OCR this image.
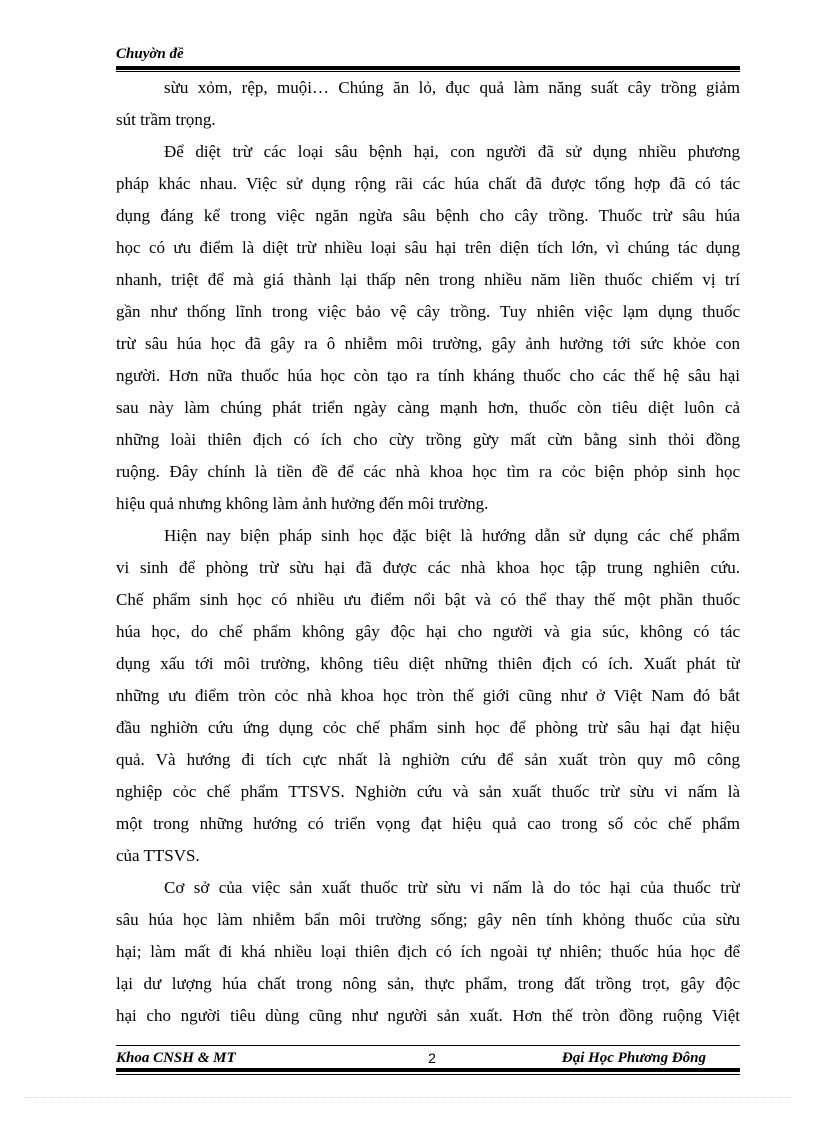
Chuyờn đề
sừu xỏm, rệp, muội… Chúng ăn lỏ, đục quả làm năng suất cây trồng giảm
sút trầm trọng.
Để diệt trừ các loại sâu bệnh hại, con người đã sử dụng nhiều phương
pháp khác nhau. Việc sử dụng rộng rãi các húa chất đã được tổng hợp đã có tác
dụng đáng kể trong việc ngăn ngừa sâu bệnh cho cây trồng. Thuốc trừ sâu húa
học có ưu điểm là diệt trừ nhiều loại sâu hại trên diện tích lớn, vì chúng tác dụng
nhanh, triệt để mà giá thành lại thấp nên trong nhiều năm liền thuốc chiếm vị trí
gần như thống lĩnh trong việc bảo vệ cây trồng. Tuy nhiên việc lạm dụng thuốc
trừ sâu húa học đã gây ra ô nhiễm môi trường, gây ảnh hưởng tới sức khỏe con
người. Hơn nữa thuốc húa học còn tạo ra tính kháng thuốc cho các thế hệ sâu hại
sau này làm chúng phát triển ngày càng mạnh hơn, thuốc còn tiêu diệt luôn cả
những loài thiên địch có ích cho cừy trồng gừy mất cừn bằng sinh thỏi đồng
ruộng. Đây chính là tiền đề để các nhà khoa học tìm ra cỏc biện phỏp sinh học
hiệu quả nhưng không làm ảnh hưởng đến môi trường.
Hiện nay biện pháp sinh học đặc biệt là hướng dẫn sử dụng các chế phẩm
vi sinh để phòng trừ sừu hại đã được các nhà khoa học tập trung nghiên cứu.
Chế phẩm sinh học có nhiều ưu điểm nổi bật và có thể thay thế một phần thuốc
húa học, do chế phẩm không gây độc hại cho người và gia súc, không có tác
dụng xấu tới môi trường, không tiêu diệt những thiên địch có ích. Xuất phát từ
những ưu điểm tròn cỏc nhà khoa học tròn thế giới cũng như ở Việt Nam đó bắt
đầu nghiờn cứu ứng dụng cỏc chế phẩm sinh học để phòng trừ sâu hại đạt hiệu
quả. Và hướng đi tích cực nhất là nghiờn cứu để sản xuất tròn quy mô công
nghiệp cỏc chế phẩm TTSVS. Nghiờn cứu và sản xuất thuốc trừ sừu vi nấm là
một trong những hướng có triển vọng đạt hiệu quả cao trong số cỏc chế phẩm
của TTSVS.
Cơ sở của việc sản xuất thuốc trừ sừu vi nấm là do tỏc hại của thuốc trừ
sâu húa học làm nhiễm bẩn môi trường sống; gây nên tính khỏng thuốc của sừu
hại; làm mất đi khá nhiều loại thiên địch có ích ngoài tự nhiên; thuốc húa học để
lại dư lượng húa chất trong nông sản, thực phẩm, trong đất trồng trọt, gây độc
hại cho người tiêu dùng cũng như người sản xuất. Hơn thế tròn đồng ruộng Việt
Khoa CNSH & MT	2	Đại Học Phương Đông
